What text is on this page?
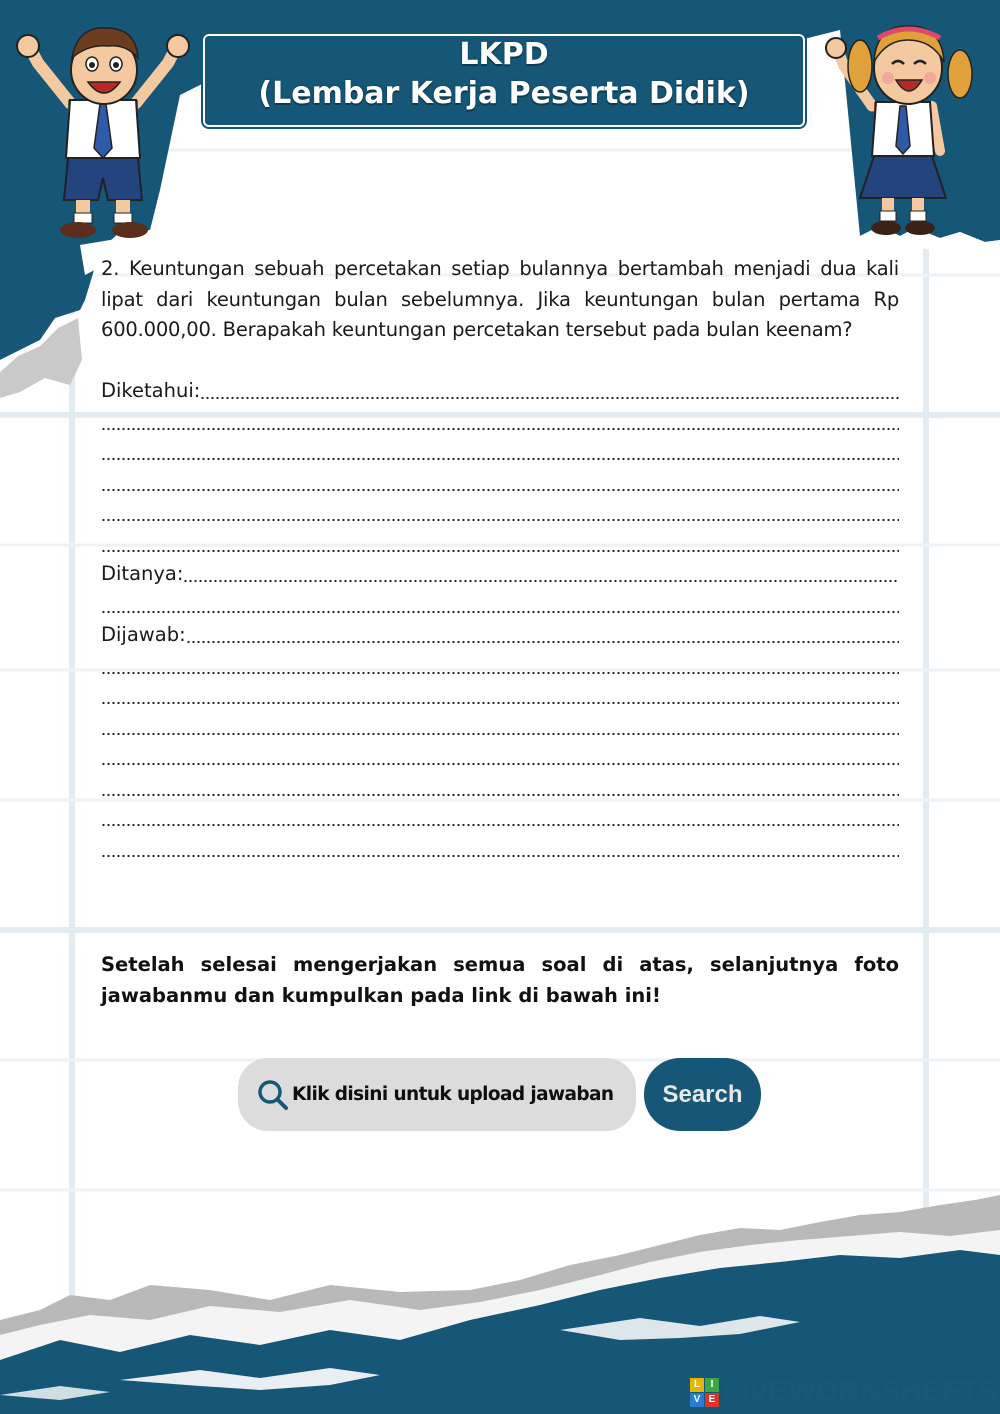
LKPD
(Lembar Kerja Peserta Didik)

2. Keuntungan sebuah percetakan setiap bulannya bertambah menjadi dua kali lipat dari keuntungan bulan sebelumnya. Jika keuntungan bulan pertama Rp 600.000,00. Berapakah keuntungan percetakan tersebut pada bulan keenam?

Diketahui:
Ditanya:
Dijawab:

Setelah selesai mengerjakan semua soal di atas, selanjutnya foto jawabanmu dan kumpulkan pada link di bawah ini!

Klik disini untuk upload jawaban	Search
L	I
V E LIVEWORKSHEETS
